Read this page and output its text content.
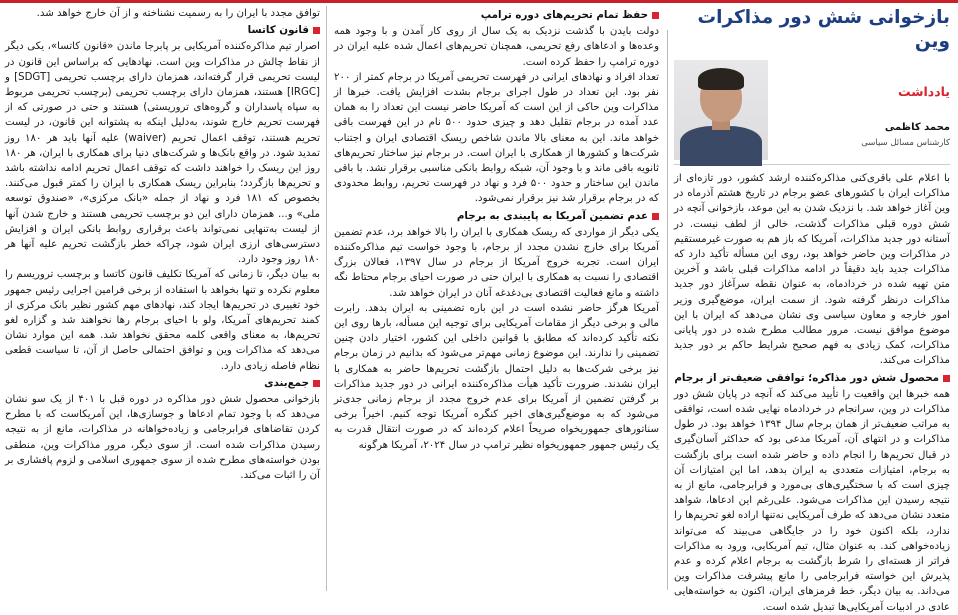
بازخوانی شش دور مذاکرات وین
یادداشت
محمد کاظمی
کارشناس مسائل سیاسی

با اعلام علی باقری‌کنی مذاکره‌کننده ارشد کشور، دور تازه‌ای از مذاکرات ایران با کشورهای عضو برجام در تاریخ هشتم آذرماه در وین آغاز خواهد شد. با نزدیک شدن به این موعد، بازخوانی آنچه در شش دوره قبلی مذاکرات گذشت، خالی از لطف نیست. در آستانه دور جدید مذاکرات، آمریکا که باز هم به صورت غیرمستقیم در مذاکرات وین حاضر خواهد بود، روی این مسأله تأکید دارد که مذاکرات جدید باید دقیقاً در ادامه مذاکرات قبلی باشد و آخرین متن تهیه شده در خردادماه، به عنوان نقطه سرآغاز دور جدید مذاکرات درنظر گرفته شود. از سمت ایران، موضع‌گیری وزیر امور خارجه و معاون سیاسی وی نشان می‌دهد که ایران با این موضوع موافق نیست. مرور مطالب مطرح شده در دور پایانی مذاکرات، کمک زیادی به فهم صحیح شرایط حاکم بر دور جدید مذاکرات می‌کند.

محصول شش دور مذاکره؛ توافقی ضعیف‌تر از برجام

همه خبرها این واقعیت را تأیید می‌کند که آنچه در پایان شش دور مذاکرات در وین، سرانجام در خردادماه نهایی شده است، توافقی به مراتب ضعیف‌تر از همان برجام سال ۱۳۹۴ خواهد بود. در طول مذاکرات و در انتهای آن، آمریکا مدعی بود که حداکثر آسان‌گیری در قبال تحریم‌ها را انجام داده و حاضر شده است برای بازگشت به برجام، امتیازات متعددی به ایران بدهد، اما این امتیازات آن چیزی است که با سختگیری‌های بی‌مورد و فرابرجامی، مانع از به نتیجه رسیدن این مذاکرات می‌شود. علی‌رغم این ادعاها، شواهد متعدد نشان می‌دهد که طرف آمریکایی نه‌تنها اراده لغو تحریم‌ها را ندارد، بلکه اکنون خود را در جایگاهی می‌بیند که می‌تواند زیاده‌خواهی کند. به عنوان مثال، تیم آمریکایی، ورود به مذاکرات فراتر از هسته‌ای را شرط بازگشت به برجام اعلام کرده و عدم پذیرش این خواسته فرابرجامی را مانع پیشرفت مذاکرات وین می‌داند. به بیان دیگر، خط قرمزهای ایران، اکنون به خواسته‌هایی عادی در ادبیات آمریکایی‌ها تبدیل شده است.

حفظ تمام تحریم‌های دوره ترامپ

دولت بایدن با گذشت نزدیک به یک سال از روی کار آمدن و با وجود همه وعده‌ها و ادعاهای رفع تحریمی، همچنان تحریم‌های اعمال شده علیه ایران در دوره ترامپ را حفظ کرده است.

تعداد افراد و نهادهای ایرانی در فهرست تحریمی آمریکا در برجام کمتر از ۲۰۰ نفر بود. این تعداد در طول اجرای برجام بشدت افزایش یافت. خبرها از مذاکرات وین حاکی از این است که آمریکا حاضر نیست این تعداد را به همان عدد آمده در برجام تقلیل دهد و چیزی حدود ۵۰۰ نام در این فهرست باقی خواهد ماند. این به معنای بالا ماندن شاخص ریسک اقتصادی ایران و اجتناب شرکت‌ها و کشورها از همکاری با ایران است. در برجام نیز ساختار تحریم‌های ثانویه باقی ماند و با وجود آن، شبکه روابط بانکی مناسبی برقرار نشد. با باقی ماندن این ساختار و حدود ۵۰۰ فرد و نهاد در فهرست تحریم، روابط محدودی که در برجام برقرار شد نیز برقرار نمی‌شود.

عدم تضمین آمریکا به پایبندی به برجام

یکی دیگر از مواردی که ریسک همکاری با ایران را بالا خواهد برد، عدم تضمین آمریکا برای خارج نشدن مجدد از برجام، با وجود خواست تیم مذاکره‌کننده ایران است. تجربه خروج آمریکا از برجام در سال ۱۳۹۷، فعالان بزرگ اقتصادی را نسبت به همکاری با ایران حتی در صورت احیای برجام محتاط نگه داشته و مانع فعالیت اقتصادی بی‌دغدغه آنان در ایران خواهد شد.

آمریکا هرگز حاضر نشده است در این باره تضمینی به ایران بدهد. رابرت مالی و برخی دیگر از مقامات آمریکایی برای توجیه این مسأله، بارها روی این نکته تأکید کرده‌اند که مطابق با قوانین داخلی این کشور، اختیار دادن چنین تضمینی را ندارند. این موضوع زمانی مهم‌تر می‌شود که بدانیم در زمان برجام نیز برخی شرکت‌ها به دلیل احتمال بازگشت تحریم‌ها حاضر به همکاری با ایران نشدند. ضرورت تأکید هیأت مذاکره‌کننده ایرانی در دور جدید مذاکرات بر گرفتن تضمین از آمریکا برای عدم خروج مجدد از برجام زمانی جدی‌تر می‌شود که به موضع‌گیری‌های اخیر کنگره آمریکا توجه کنیم. اخیراً برخی سناتورهای جمهوریخواه صریحاً اعلام کرده‌اند که در صورت انتقال قدرت به یک رئیس جمهور جمهوریخواه نظیر ترامپ در سال ۲۰۲۴، آمریکا هرگونه

توافق مجدد با ایران را به رسمیت نشناخته و از آن خارج خواهد شد.

قانون کاتسا

اصرار تیم مذاکره‌کننده آمریکایی بر پابرجا ماندن «قانون کاتسا»، یکی دیگر از نقاط چالش در مذاکرات وین است. نهادهایی که براساس این قانون در لیست تحریمی قرار گرفته‌اند، همزمان دارای برچسب تحریمی [SDGT] و [IRGC] هستند، همزمان دارای برچسب تحریمی (برچسب تحریمی مربوط به سپاه پاسداران و گروه‌های تروریستی) هستند و حتی در صورتی که از فهرست تحریم خارج شوند، به‌دلیل اینکه به پشتوانه این قانون، در لیست تحریم هستند، توقف اعمال تحریم (waiver) علیه آنها باید هر ۱۸۰ روز تمدید شود. در واقع بانک‌ها و شرکت‌های دنیا برای همکاری با ایران، هر ۱۸۰ روز این ریسک را خواهند داشت که توقف اعمال تحریم ادامه نداشته باشد و تحریم‌ها بازگردد؛ بنابراین ریسک همکاری با ایران را کمتر قبول می‌کنند. بخصوص که ۱۸۱ فرد و نهاد از جمله «بانک مرکزی»، «صندوق توسعه ملی» و... همزمان دارای این دو برچسب تحریمی هستند و خارج شدن آنها از لیست به‌تنهایی نمی‌تواند باعث برقراری روابط بانکی ایران و افزایش دسترسی‌های ارزی ایران شود، چراکه خطر بازگشت تحریم علیه آنها هر ۱۸۰ روز وجود دارد.

به بیان دیگر، تا زمانی که آمریکا تکلیف قانون کاتسا و برچسب تروریسم را معلوم نکرده و تنها بخواهد با استفاده از برخی فرامین اجرایی رئیس جمهور خود تغییری در تحریم‌ها ایجاد کند، نهادهای مهم کشور نظیر بانک مرکزی از کمند تحریم‌های آمریکا، ولو با احیای برجام رها نخواهند شد و گزاره لغو تحریم‌ها، به معنای واقعی کلمه محقق نخواهد شد. همه این موارد نشان می‌دهد که مذاکرات وین و توافق احتمالی حاصل از آن، تا سیاست قطعی نظام فاصله زیادی دارد.

جمع‌بندی

بازخوانی محصول شش دور مذاکره در دوره قبل با ۴۰۱ از یک سو نشان می‌دهد که با وجود تمام ادعاها و جوسازی‌ها، این آمریکاست که با مطرح کردن تقاضاهای فرابرجامی و زیاده‌خواهانه در مذاکرات، مانع از به نتیجه رسیدن مذاکرات شده است. از سوی دیگر، مرور مذاکرات وین، منطقی بودن خواسته‌های مطرح شده از سوی جمهوری اسلامی و لزوم پافشاری بر آن را اثبات می‌کند.
